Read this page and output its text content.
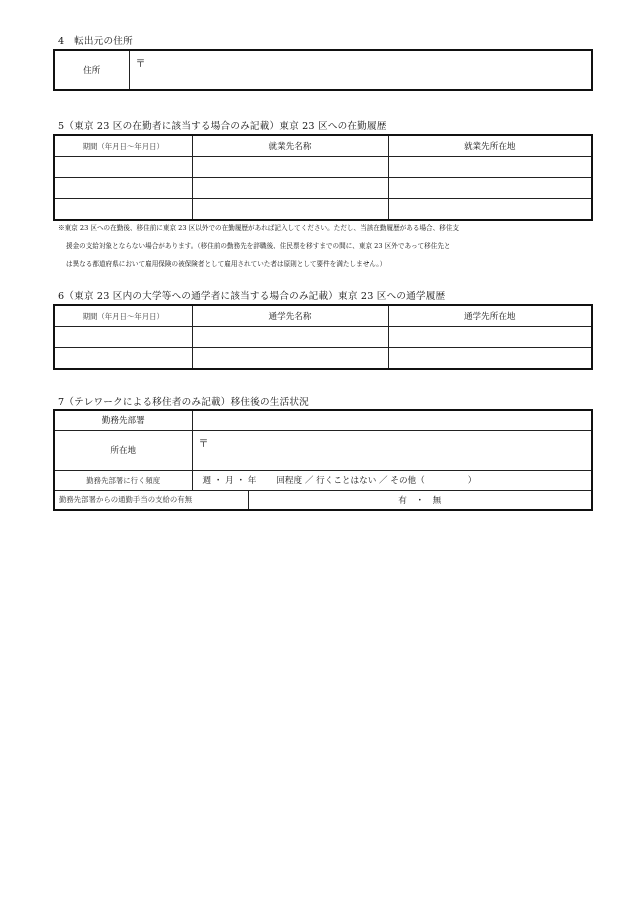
4　転出元の住所
住所	〒
5（東京 23 区の在勤者に該当する場合のみ記載）東京 23 区への在勤履歴
期間（年月日～年月日）	就業先名称	就業先所在地

※東京 23 区への在勤後、移住前に東京 23 区以外での在勤履歴があれば記入してください。ただし、当該在勤履歴がある場合、移住支
援金の支給対象とならない場合があります。（移住前の勤務先を辞職後、住民票を移すまでの間に、東京 23 区外であって移住先と
は異なる都道府県において雇用保険の被保険者として雇用されていた者は原則として要件を満たしません。）
6（東京 23 区内の大学等への通学者に該当する場合のみ記載）東京 23 区への通学履歴
期間（年月日～年月日）	通学先名称	通学先所在地

7（テレワークによる移住者のみ記載）移住後の生活状況
勤務先部署		
所在地	〒	
勤務先部署に行く頻度	週 ・ 月 ・ 年　　 回程度 ／ 行くことはない ／ その他（　　　　　）	
勤務先部署からの通勤手当の支給の有無		有　・　無
